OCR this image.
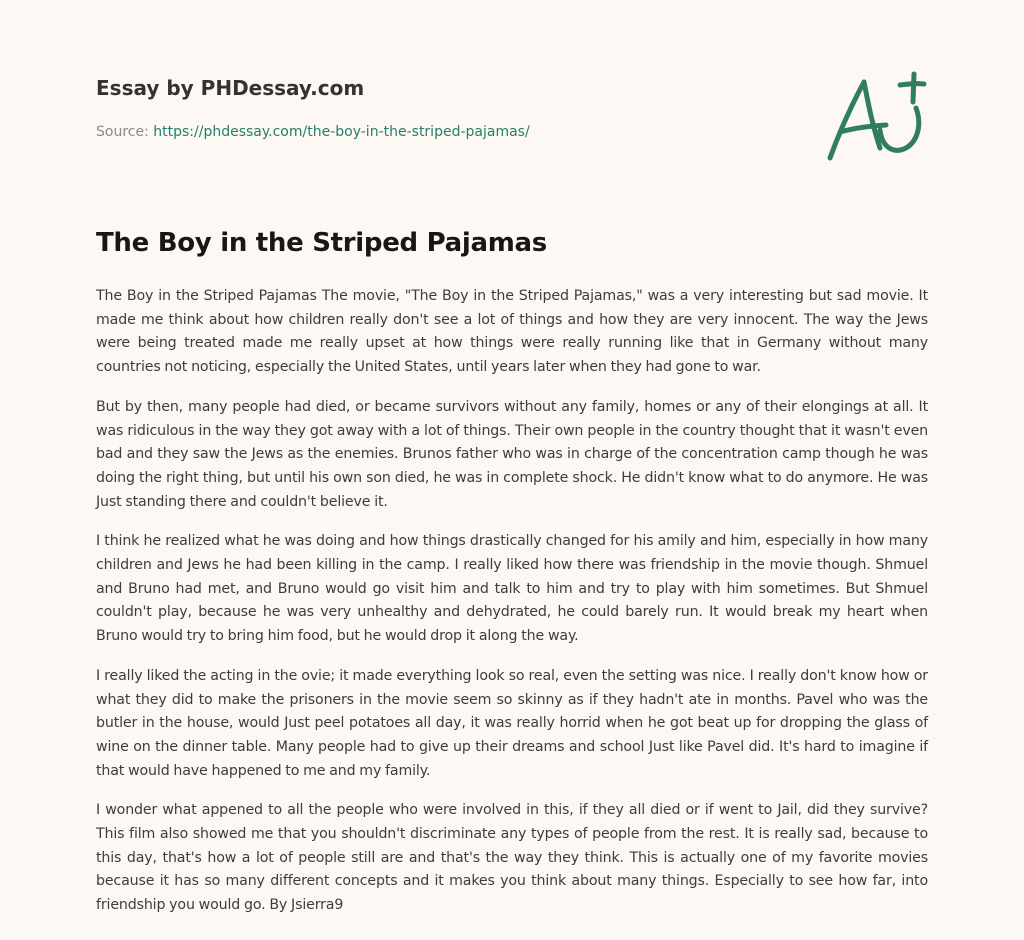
Essay by PHDessay.com
Source: https://phdessay.com/the-boy-in-the-striped-pajamas/
The Boy in the Striped Pajamas

The Boy in the Striped Pajamas The movie, "The Boy in the Striped Pajamas," was a very interesting but sad movie. It made me think about how children really don't see a lot of things and how they are very innocent. The way the Jews were being treated made me really upset at how things were really running like that in Germany without many countries not noticing, especially the United States, until years later when they had gone to war.

But by then, many people had died, or became survivors without any family, homes or any of their elongings at all. It was ridiculous in the way they got away with a lot of things. Their own people in the country thought that it wasn't even bad and they saw the Jews as the enemies. Brunos father who was in charge of the concentration camp though he was doing the right thing, but until his own son died, he was in complete shock. He didn't know what to do anymore. He was Just standing there and couldn't believe it.

I think he realized what he was doing and how things drastically changed for his amily and him, especially in how many children and Jews he had been killing in the camp. I really liked how there was friendship in the movie though. Shmuel and Bruno had met, and Bruno would go visit him and talk to him and try to play with him sometimes. But Shmuel couldn't play, because he was very unhealthy and dehydrated, he could barely run. It would break my heart when Bruno would try to bring him food, but he would drop it along the way.

I really liked the acting in the ovie; it made everything look so real, even the setting was nice. I really don't know how or what they did to make the prisoners in the movie seem so skinny as if they hadn't ate in months. Pavel who was the butler in the house, would Just peel potatoes all day, it was really horrid when he got beat up for dropping the glass of wine on the dinner table. Many people had to give up their dreams and school Just like Pavel did. It's hard to imagine if that would have happened to me and my family.

I wonder what appened to all the people who were involved in this, if they all died or if went to Jail, did they survive? This film also showed me that you shouldn't discriminate any types of people from the rest. It is really sad, because to this day, that's how a lot of people still are and that's the way they think. This is actually one of my favorite movies because it has so many different concepts and it makes you think about many things. Especially to see how far, into friendship you would go. By Jsierra9
